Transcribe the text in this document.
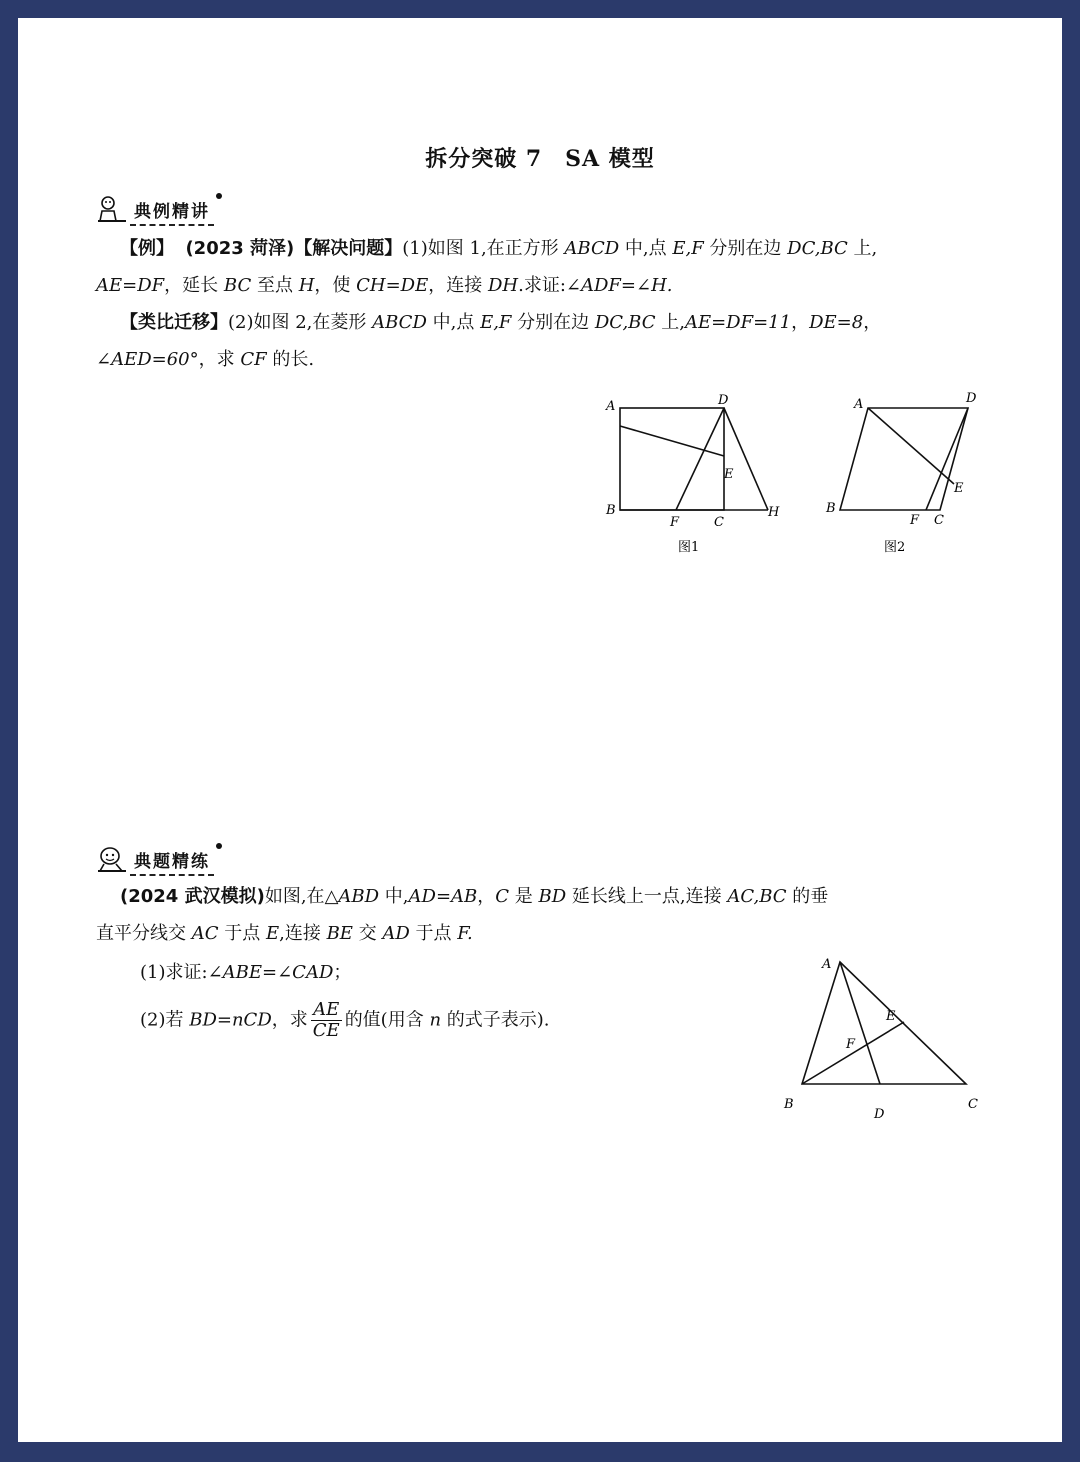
拆分突破 7　SA 模型
典例精讲
【例】 (2023 菏泽)【解决问题】(1)如图 1,在正方形 ABCD 中,点 E,F 分别在边 DC,BC 上,
AE=DF，延长 BC 至点 H，使 CH=DE，连接 DH.求证:∠ADF=∠H.
【类比迁移】(2)如图 2,在菱形 ABCD 中,点 E,F 分别在边 DC,BC 上,AE=DF=11，DE=8，
∠AED=60°，求 CF 的长.
A	D
E
B
F	C
H
图1
A	D
E
B
F C
图2
典题精练
(2024 武汉模拟)如图,在△ABD 中,AD=AB，C 是 BD 延长线上一点,连接 AC,BC 的垂
直平分线交 AC 于点 E,连接 BE 交 AD 于点 F.
(1)求证:∠ABE=∠CAD；
(2)若 BD=nCD，求 $\frac{AE}{CE}$ 的值(用含 n 的式子表示).
A
E
F
B
D
C
